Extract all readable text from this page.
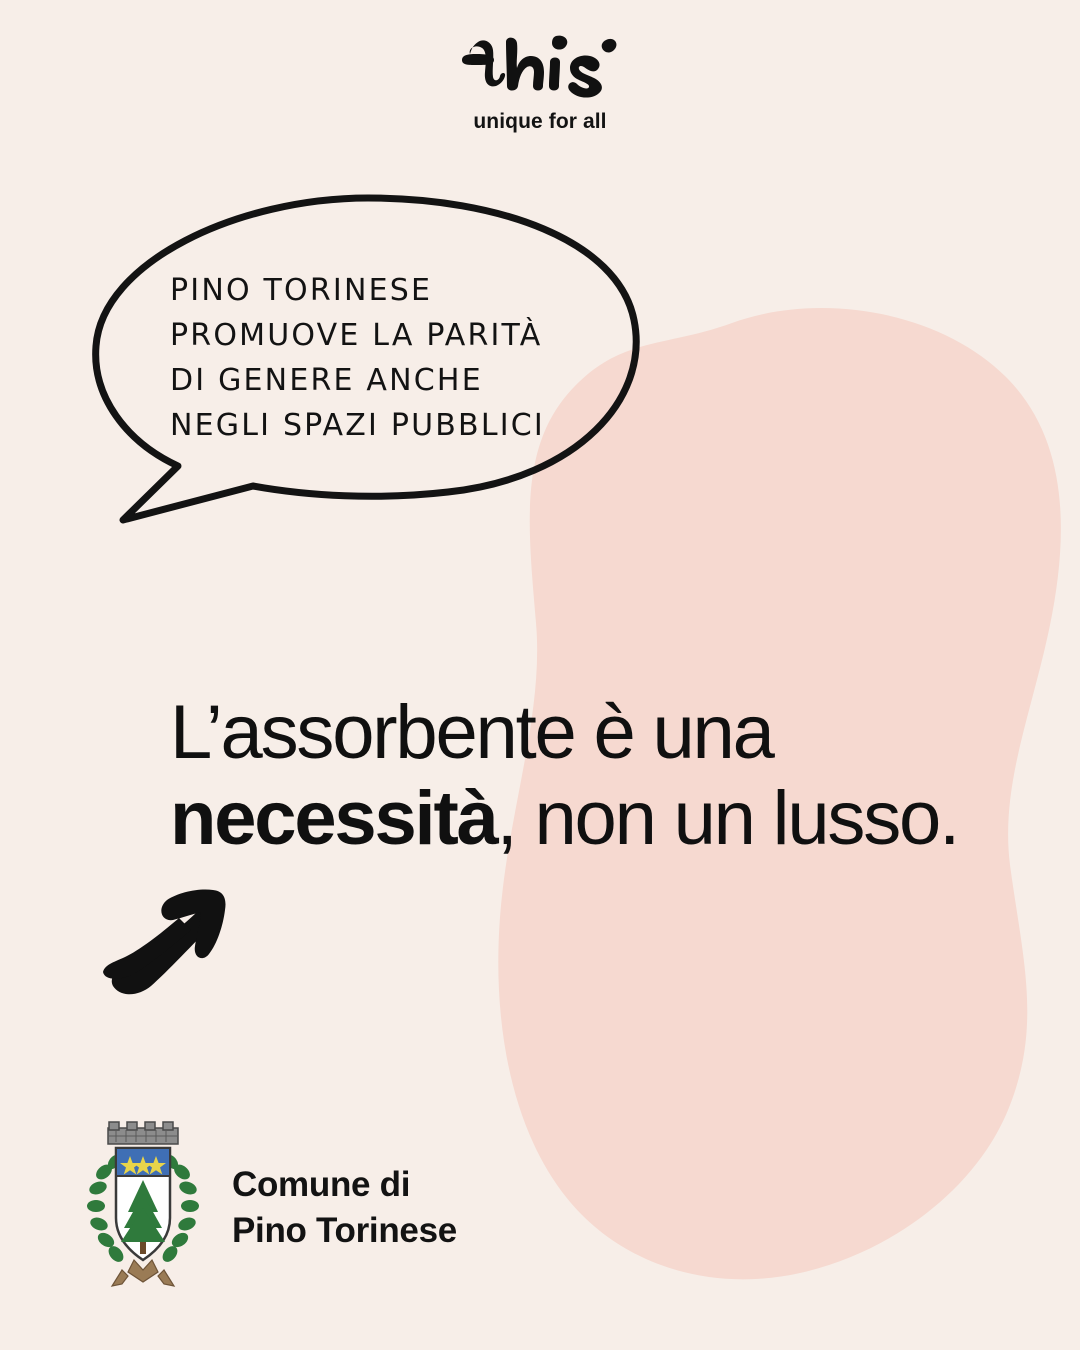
unique for all
PINO TORINESE
PROMUOVE LA PARITÀ
DI GENERE ANCHE
NEGLI SPAZI PUBBLICI
L’assorbente è una
necessità, non un lusso.
Comune di
Pino Torinese
